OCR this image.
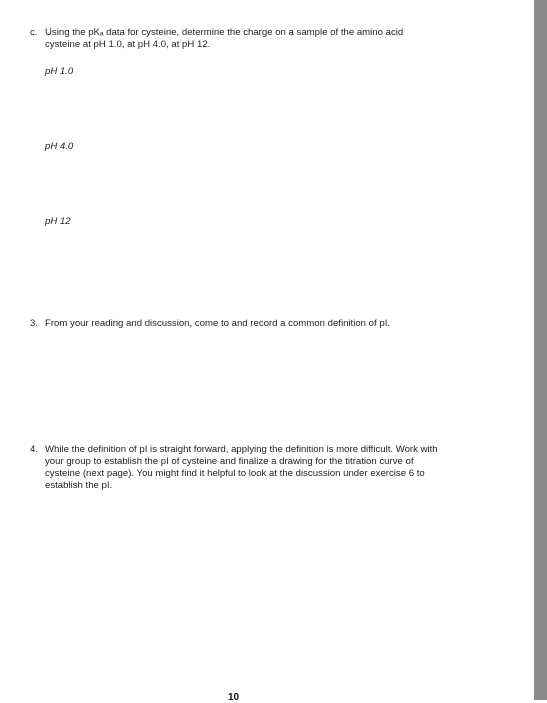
c. Using the pKₐ data for cysteine, determine the charge on a sample of the amino acid
cysteine at pH 1.0, at pH 4.0, at pH 12.
pH 1.0
pH 4.0
pH 12
3. From your reading and discussion, come to and record a common definition of pI.
4. While the definition of pI is straight forward, applying the definition is more difficult. Work with
your group to establish the pI of cysteine and finalize a drawing for the titration curve of
cysteine (next page). You might find it helpful to look at the discussion under exercise 6 to
establish the pI.
10
